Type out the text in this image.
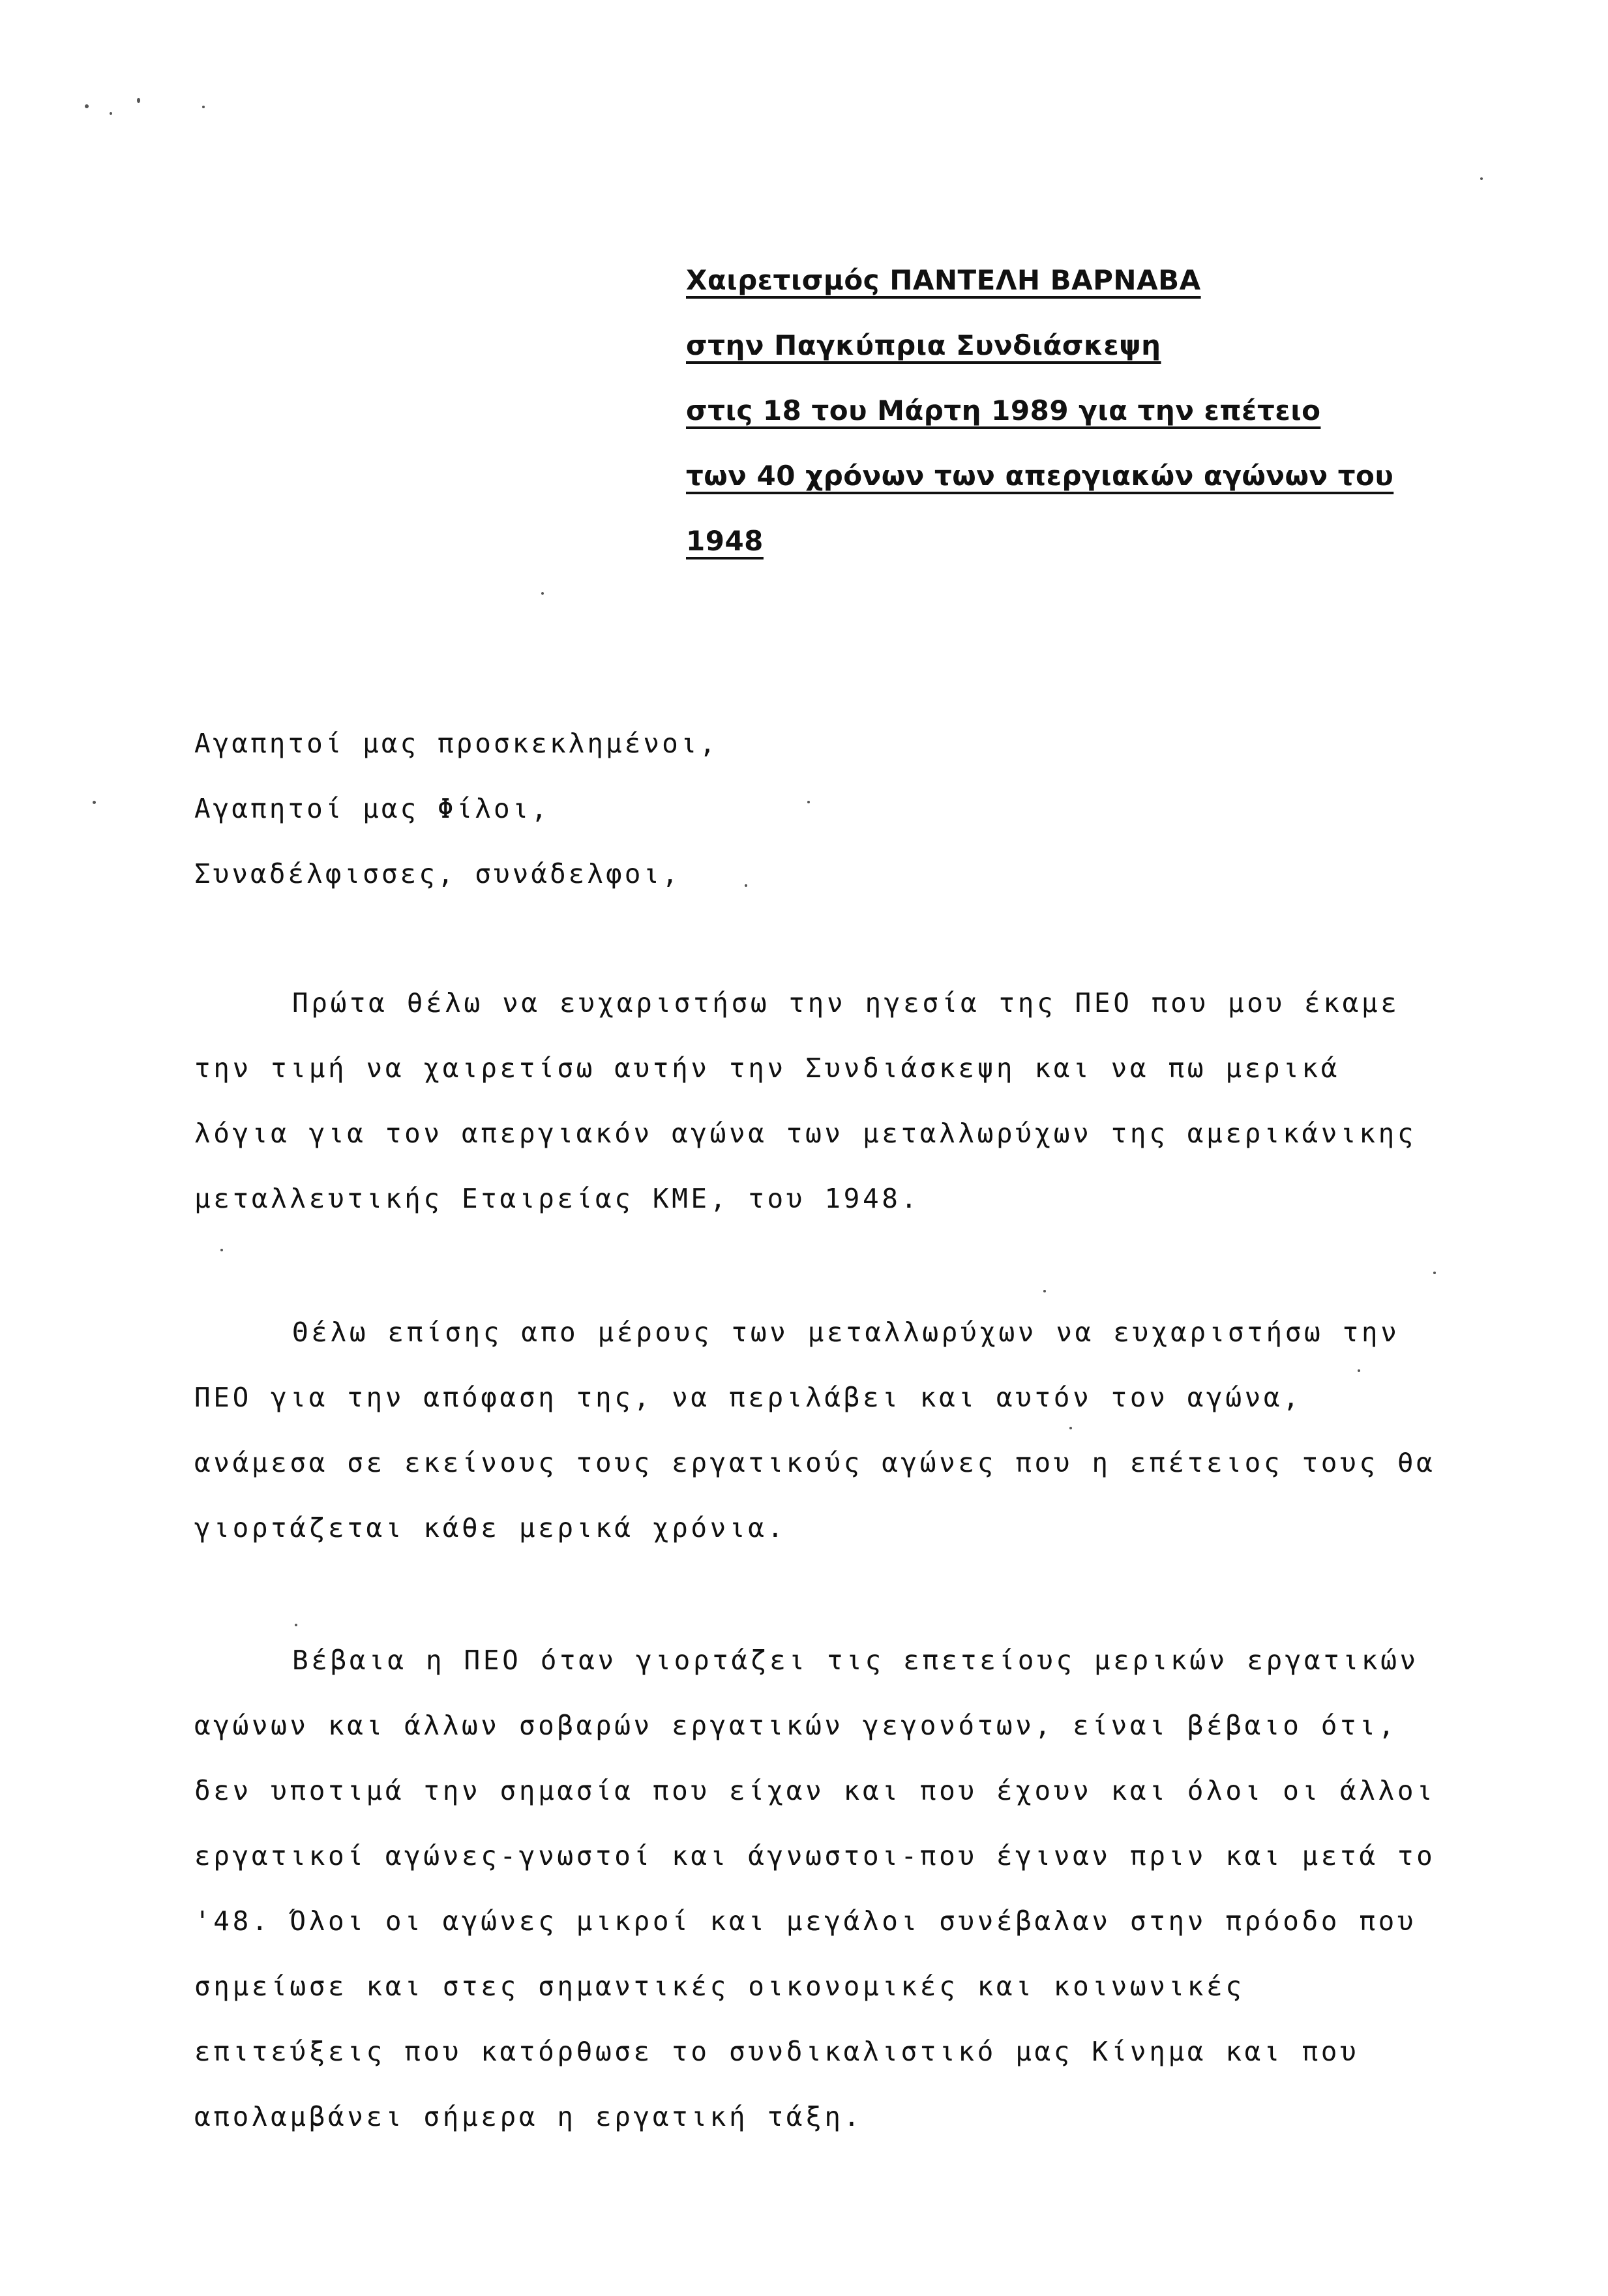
Χαιρετισμός ΠΑΝΤΕΛΗ ΒΑΡΝΑΒΑ
στην Παγκύπρια Συνδιάσκεψη
στις 18 του Μάρτη 1989 για την επέτειο
των 40 χρόνων των απεργιακών αγώνων του
1948
Αγαπητοί μας προσκεκλημένοι,
Αγαπητοί μας Φίλοι,
Συναδέλφισσες, συνάδελφοι,
Πρώτα θέλω να ευχαριστήσω την ηγεσία της ΠΕΟ που μου έκαμε
την τιμή να χαιρετίσω αυτήν την Συνδιάσκεψη και να πω μερικά
λόγια για τον απεργιακόν αγώνα των μεταλλωρύχων της αμερικάνικης
μεταλλευτικής Εταιρείας ΚΜΕ, του 1948.
Θέλω επίσης απο μέρους των μεταλλωρύχων να ευχαριστήσω την
ΠΕΟ για την απόφαση της, να περιλάβει και αυτόν τον αγώνα,
ανάμεσα σε εκείνους τους εργατικούς αγώνες που η επέτειος τους θα
γιορτάζεται κάθε μερικά χρόνια.
Βέβαια η ΠΕΟ όταν γιορτάζει τις επετείους μερικών εργατικών
αγώνων και άλλων σοβαρών εργατικών γεγονότων, είναι βέβαιο ότι,
δεν υποτιμά την σημασία που είχαν και που έχουν και όλοι οι άλλοι
εργατικοί αγώνες-γνωστοί και άγνωστοι-που έγιναν πριν και μετά το
'48. Όλοι οι αγώνες μικροί και μεγάλοι συνέβαλαν στην πρόοδο που
σημείωσε και στες σημαντικές οικονομικές και κοινωνικές
επιτεύξεις που κατόρθωσε το συνδικαλιστικό μας Κίνημα και που
απολαμβάνει σήμερα η εργατική τάξη.
